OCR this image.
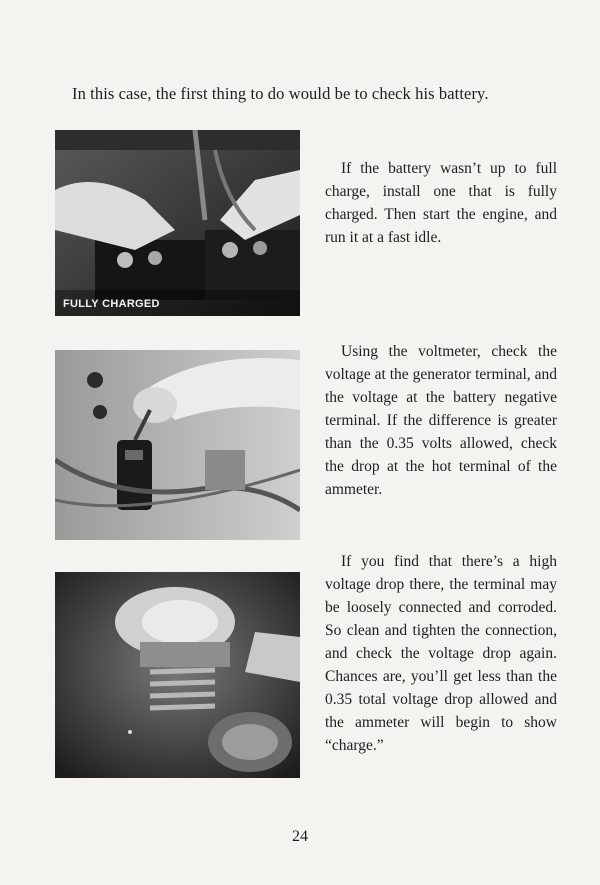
In this case, the first thing to do would be to check his battery.
FULLY CHARGED
If the battery wasn’t up to full charge, install one that is fully charged. Then start the engine, and run it at a fast idle.
Using the voltmeter, check the voltage at the generator terminal, and the voltage at the battery negative terminal. If the difference is greater than the 0.35 volts allowed, check the drop at the hot terminal of the ammeter.
If you find that there’s a high voltage drop there, the terminal may be loosely connected and corroded. So clean and tighten the connection, and check the voltage drop again. Chances are, you’ll get less than the 0.35 total voltage drop allowed and the ammeter will begin to show “charge.”
24
